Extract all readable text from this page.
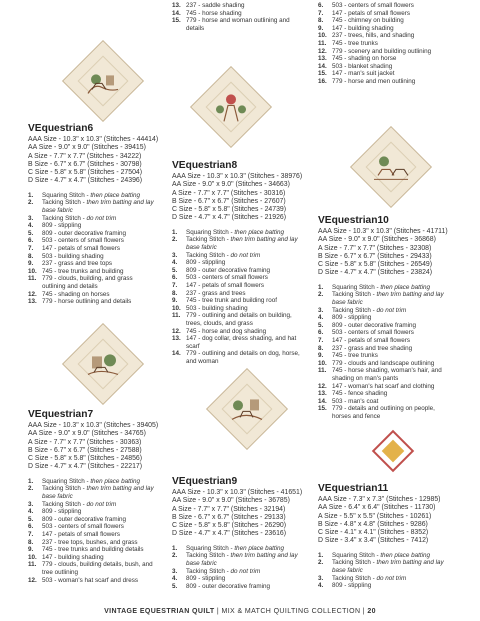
VEquestrian6
AAA Size - 10.3" x 10.3" (Stitches - 44414)
AA Size - 9.0" x 9.0" (Stitches - 39415)
A Size - 7.7" x 7.7" (Stitches - 34222)
B Size - 6.7" x 6.7" (Stitches - 30798)
C Size - 5.8" x 5.8" (Stitches - 27504)
D Size - 4.7" x 4.7" (Stitches - 24396)
1. Squaring Stitch - then place batting
2. Tacking Stitch - then trim batting and lay
base fabric
3. Tacking Stitch - do not trim
4. 809 - stippling
5. 809 - outer decorative framing
6. 503 - centers of small flowers
7. 147 - petals of small flowers
8. 503 - building shading
9. 237 - grass and tree tops
10. 745 - tree trunks and building
11. 779 - clouds, building, and grass
outlining and details
12. 745 - shading on horses
13. 779 - horse outlining and details
VEquestrian7
AAA Size - 10.3" x 10.3" (Stitches - 39405)
AA Size - 9.0" x 9.0" (Stitches - 34765)
A Size - 7.7" x 7.7" (Stitches - 30363)
B Size - 6.7" x 6.7" (Stitches - 27588)
C Size - 5.8" x 5.8" (Stitches - 24856)
D Size - 4.7" x 4.7" (Stitches - 22217)
1. Squaring Stitch - then place batting
2. Tacking Stitch - then trim batting and lay
base fabric
3. Tacking Stitch - do not trim
4. 809 - stippling
5. 809 - outer decorative framing
6. 503 - centers of small flowers
7. 147 - petals of small flowers
8. 237 - tree tops, bushes, and grass
9. 745 - tree trunks and building details
10. 147 - building shading
11. 779 - clouds, building details, bush, and
tree outlining
12. 503 - woman's hat scarf and dress
13. 237 - saddle shading
14. 745 - horse shading
15. 779 - horse and woman outlining and
details
VEquestrian8
AAA Size - 10.3" x 10.3" (Stitches - 38976)
AA Size - 9.0" x 9.0" (Stitches - 34663)
A Size - 7.7" x 7.7" (Stitches - 30316)
B Size - 6.7" x 6.7" (Stitches - 27607)
C Size - 5.8" x 5.8" (Stitches - 24739)
D Size - 4.7" x 4.7" (Stitches - 21926)
1. Squaring Stitch - then place batting
2. Tacking Stitch - then trim batting and lay
base fabric
3. Tacking Stitch - do not trim
4. 809 - stippling
5. 809 - outer decorative framing
6. 503 - centers of small flowers
7. 147 - petals of small flowers
8. 237 - grass and trees
9. 745 - tree trunk and building roof
10. 503 - building shading
11. 779 - outlining and details on building,
trees, clouds, and grass
12. 745 - horse and dog shading
13. 147 - dog collar, dress shading, and hat
scarf
14. 779 - outlining and details on dog, horse,
and woman
VEquestrian9
AAA Size - 10.3" x 10.3" (Stitches - 41651)
AA Size - 9.0" x 9.0" (Stitches - 36785)
A Size - 7.7" x 7.7" (Stitches - 32194)
B Size - 6.7" x 6.7" (Stitches - 29133)
C Size - 5.8" x 5.8" (Stitches - 26290)
D Size - 4.7" x 4.7" (Stitches - 23616)
1. Squaring Stitch - then place batting
2. Tacking Stitch - then trim batting and lay
base fabric
3. Tacking Stitch - do not trim
4. 809 - stippling
5. 809 - outer decorative framing
6. 503 - centers of small flowers
7. 147 - petals of small flowers
8. 745 - chimney on building
9. 147 - building shading
10. 237 - trees, hills, and shading
11. 745 - tree trunks
12. 779 - scenery and building outlining
13. 745 - shading on horse
14. 503 - blanket shading
15. 147 - man's suit jacket
16. 779 - horse and men outlining
VEquestrian10
AAA Size - 10.3" x 10.3" (Stitches - 41711)
AA Size - 9.0" x 9.0" (Stitches - 36868)
A Size - 7.7" x 7.7" (Stitches - 32308)
B Size - 6.7" x 6.7" (Stitches - 29433)
C Size - 5.8" x 5.8" (Stitches - 26549)
D Size - 4.7" x 4.7" (Stitches - 23824)
1. Squaring Stitch - then place batting
2. Tacking Stitch - then trim batting and lay
base fabric
3. Tacking Stitch - do not trim
4. 809 - stippling
5. 809 - outer decorative framing
6. 503 - centers of small flowers
7. 147 - petals of small flowers
8. 237 - grass and tree shading
9. 745 - tree trunks
10. 779 - clouds and landscape outlining
11. 745 - horse shading, woman's hair, and
shading on man's pants
12. 147 - woman's hat scarf and clothing
13. 745 - fence shading
14. 503 - man's coat
15. 779 - details and outlining on people,
horses and fence
VEquestrian11
AAA Size - 7.3" x 7.3" (Stitches - 12985)
AA Size - 6.4" x 6.4" (Stitches - 11730)
A Size - 5.5" x 5.5" (Stitches - 10261)
B Size - 4.8" x 4.8" (Stitches - 9286)
C Size - 4.1" x 4.1" (Stitches - 8352)
D Size - 3.4" x 3.4" (Stitches - 7412)
1. Squaring Stitch - then place batting
2. Tacking Stitch - then trim batting and lay
base fabric
3. Tacking Stitch - do not trim
4. 809 - stippling
VINTAGE EQUESTRIAN QUILT | MIX & MATCH QUILTING COLLECTION | 20
